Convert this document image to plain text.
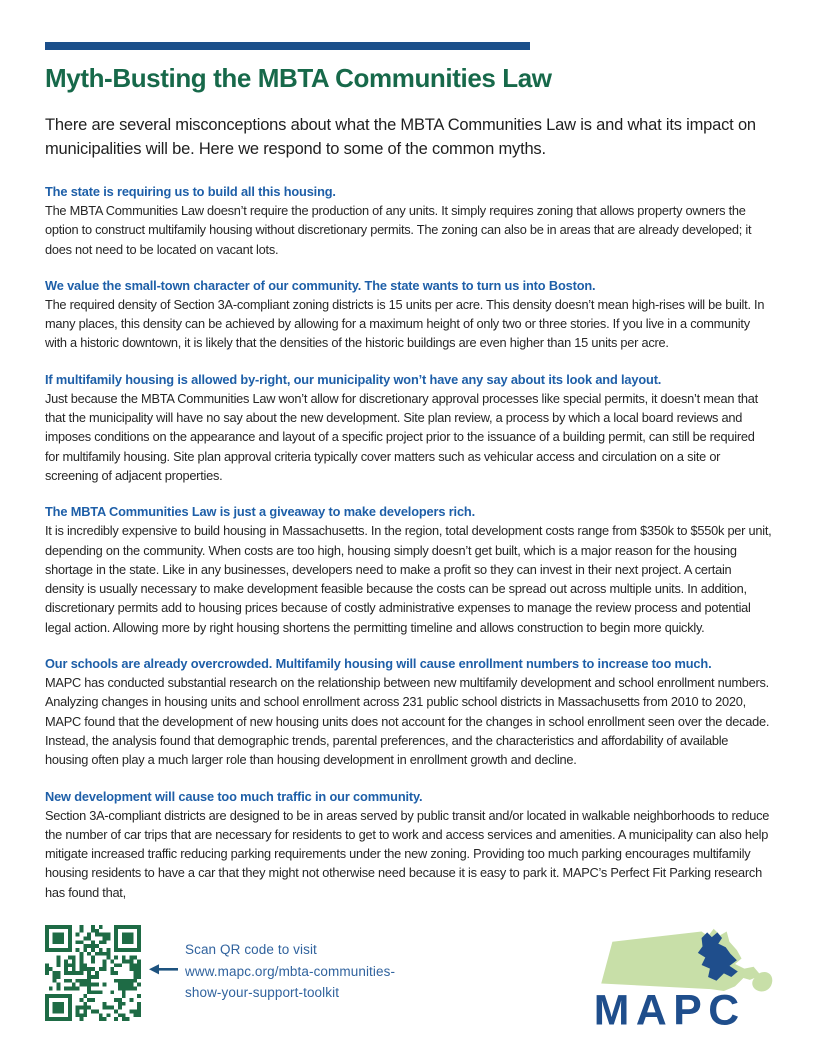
Myth-Busting the MBTA Communities Law

There are several misconceptions about what the MBTA Communities Law is and what its impact on municipalities will be. Here we respond to some of the common myths.

The state is requiring us to build all this housing.

The MBTA Communities Law doesn’t require the production of any units. It simply requires zoning that allows property owners the option to construct multifamily housing without discretionary permits. The zoning can also be in areas that are already developed; it does not need to be located on vacant lots.

We value the small-town character of our community. The state wants to turn us into Boston.

The required density of Section 3A-compliant zoning districts is 15 units per acre. This density doesn’t mean high-rises will be built. In many places, this density can be achieved by allowing for a maximum height of only two or three stories. If you live in a community with a historic downtown, it is likely that the densities of the historic buildings are even higher than 15 units per acre.

If multifamily housing is allowed by-right, our municipality won’t have any say about its look and layout.

Just because the MBTA Communities Law won’t allow for discretionary approval processes like special permits, it doesn’t mean that that the municipality will have no say about the new development. Site plan review, a process by which a local board reviews and imposes conditions on the appearance and layout of a specific project prior to the issuance of a building permit, can still be required for multifamily housing. Site plan approval criteria typically cover matters such as vehicular access and circulation on a site or screening of adjacent properties.

The MBTA Communities Law is just a giveaway to make developers rich.

It is incredibly expensive to build housing in Massachusetts. In the region, total development costs range from $350k to $550k per unit, depending on the community. When costs are too high, housing simply doesn’t get built, which is a major reason for the housing shortage in the state. Like in any businesses, developers need to make a profit so they can invest in their next project. A certain density is usually necessary to make development feasible because the costs can be spread out across multiple units. In addition, discretionary permits add to housing prices because of costly administrative expenses to manage the review process and potential legal action. Allowing more by right housing shortens the permitting timeline and allows construction to begin more quickly.

Our schools are already overcrowded. Multifamily housing will cause enrollment numbers to increase too much.

MAPC has conducted substantial research on the relationship between new multifamily development and school enrollment numbers. Analyzing changes in housing units and school enrollment across 231 public school districts in Massachusetts from 2010 to 2020, MAPC found that the development of new housing units does not account for the changes in school enrollment seen over the decade. Instead, the analysis found that demographic trends, parental preferences, and the characteristics and affordability of available housing often play a much larger role than housing development in enrollment growth and decline.

New development will cause too much traffic in our community.

Section 3A-compliant districts are designed to be in areas served by public transit and/or located in walkable neighborhoods to reduce the number of car trips that are necessary for residents to get to work and access services and amenities. A municipality can also help mitigate increased traffic reducing parking requirements under the new zoning. Providing too much parking encourages multifamily housing residents to have a car that they might not otherwise need because it is easy to park it. MAPC’s Perfect Fit Parking research has found that,

Scan QR code to visit
www.mapc.org/mbta-communities-
show-your-support-toolkit	MAPC
